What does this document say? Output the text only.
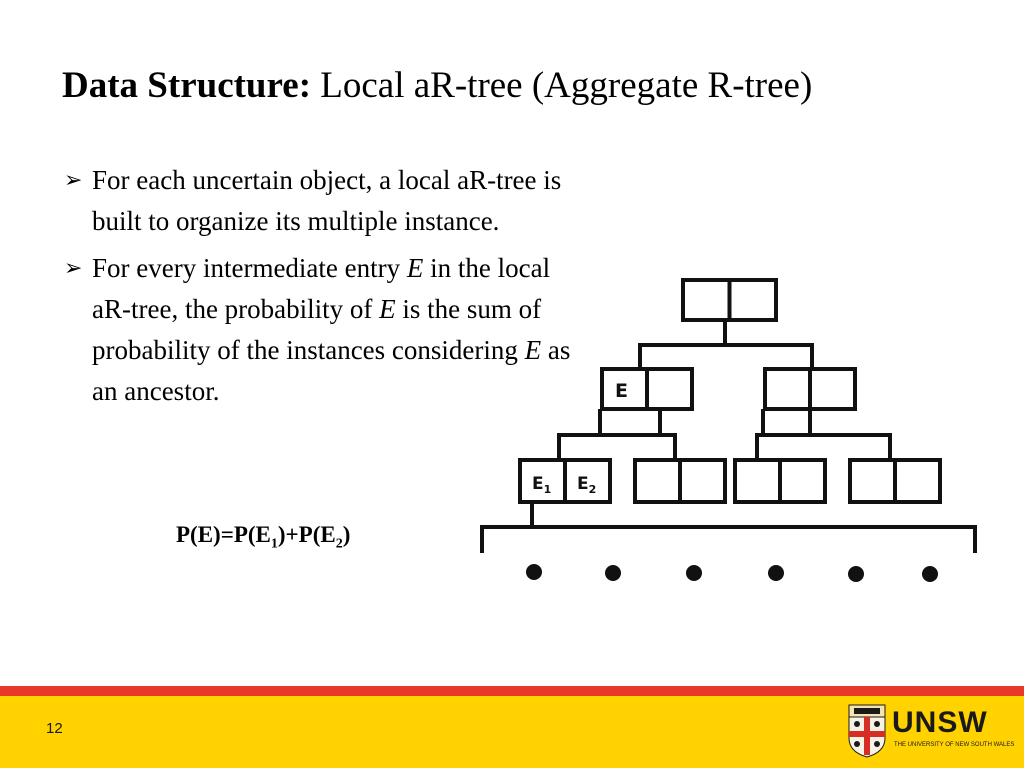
Data Structure: Local aR-tree (Aggregate R-tree)
➢ For each uncertain object, a local aR-tree is built to organize its multiple instance.
➢ For every intermediate entry E in the local aR-tree, the probability of E is the sum of probability of the instances considering E as an ancestor.
$P(E)=P(E_1)+P(E_2)$
E
$E_1$ $E_2$
12	UNSW
THE UNIVERSITY OF NEW SOUTH WALES
